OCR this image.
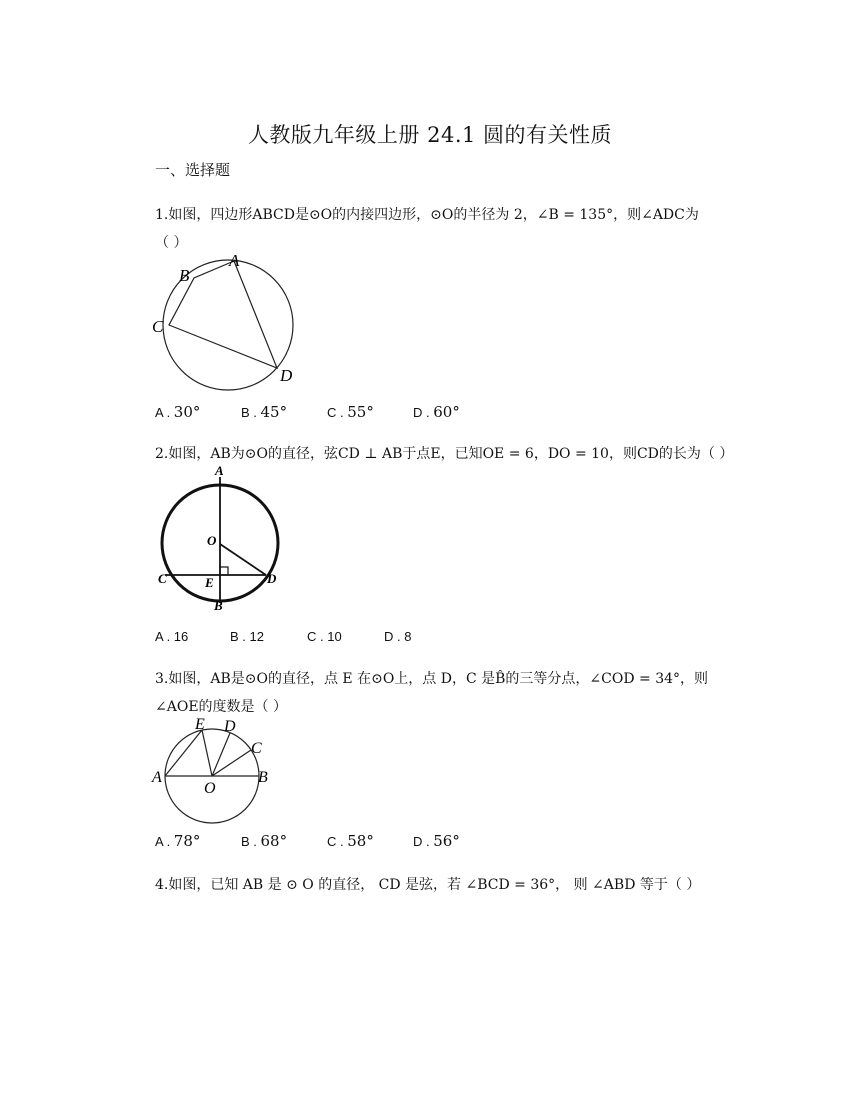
人教版九年级上册 24.1 圆的有关性质
一、选择题
1.如图，四边形ABCD是⊙O的内接四边形，⊙O的半径为 2，∠B = 135°，则∠ADC为
（ ）
A
B
C
D
A . 30°	B . 45°	C . 55°	D . 60°
2.如图，AB为⊙O的直径，弦CD ⊥ AB于点E，已知OE = 6，DO = 10，则CD的长为（ ）
A
O
C	E	D
B
A . 16	B . 12	C . 10	D . 8
3.如图，AB是⊙O的直径，点 E 在⊙O上，点 D，C 是B̂的三等分点，∠COD = 34°，则
∠AOE的度数是（ ）
E D
C
A
O
B
A . 78°	B . 68°	C . 58°	D . 56°
4.如图，已知 AB 是 ⊙ O 的直径， CD 是弦，若 ∠BCD = 36°， 则 ∠ABD 等于（ ）
